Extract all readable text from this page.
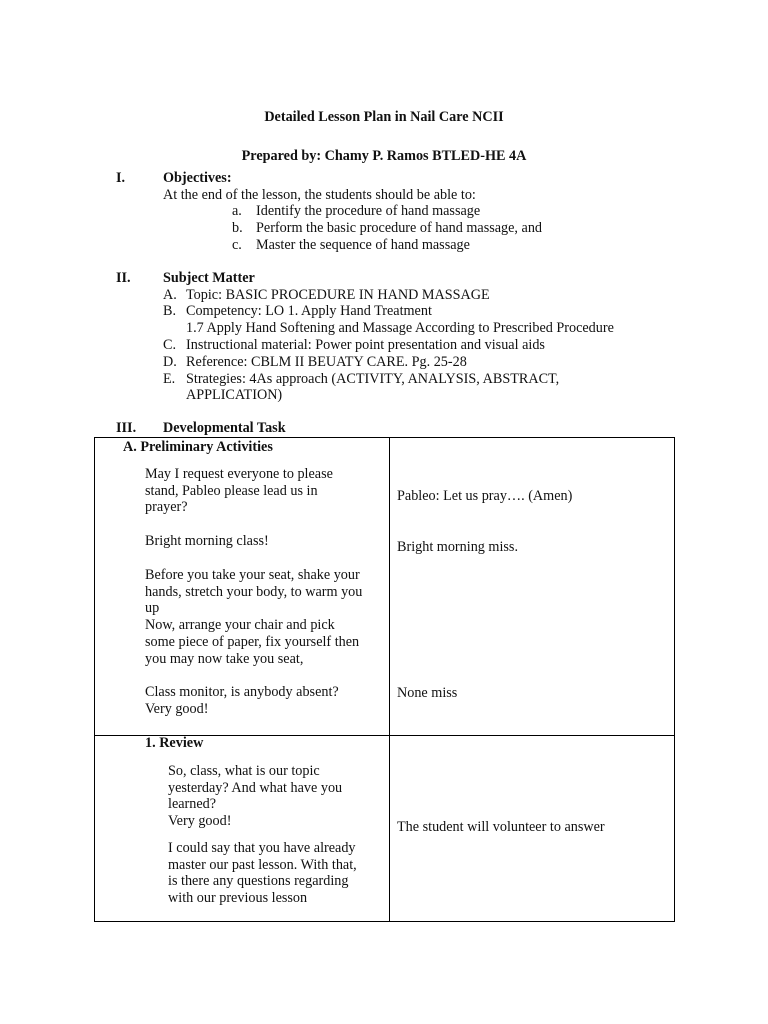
Detailed Lesson Plan in Nail Care NCII
Prepared by: Chamy P. Ramos BTLED-HE 4A
I.	Objectives:
At the end of the lesson, the students should be able to:
a. Identify the procedure of hand massage
b. Perform the basic procedure of hand massage, and
c. Master the sequence of hand massage
II. Subject Matter
A. Topic: BASIC PROCEDURE IN HAND MASSAGE
B. Competency: LO 1. Apply Hand Treatment
1.7 Apply Hand Softening and Massage According to Prescribed Procedure
C. Instructional material: Power point presentation and visual aids
D. Reference: CBLM II BEUATY CARE. Pg. 25-28
E. Strategies: 4As approach (ACTIVITY, ANALYSIS, ABSTRACT,
APPLICATION)
III. Developmental Task
A. Preliminary Activities

May I request everyone to please

stand, Pableo please lead us in

prayer?

Bright morning class!

Before you take your seat, shake your

hands, stretch your body, to warm you

up

Now, arrange your chair and pick

some piece of paper, fix yourself then

you may now take you seat,

Class monitor, is anybody absent?

Very good!

Pableo: Let us pray…. (Amen)
Bright morning miss.
None miss
1. Review

So, class, what is our topic

yesterday? And what have you

learned?

Very good!

I could say that you have already

master our past lesson. With that,

is there any questions regarding

with our previous lesson

The student will volunteer to answer
